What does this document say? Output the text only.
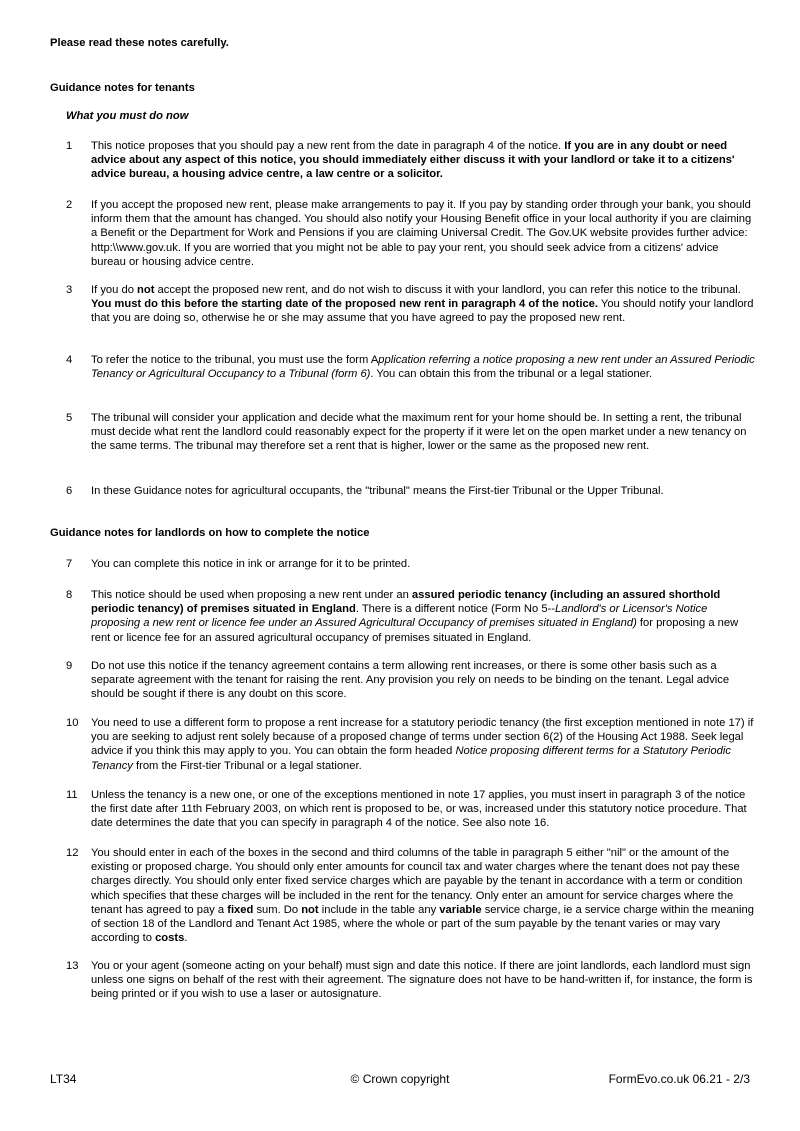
Please read these notes carefully.
Guidance notes for tenants
What you must do now
1 This notice proposes that you should pay a new rent from the date in paragraph 4 of the notice. If you are in any doubt or need advice about any aspect of this notice, you should immediately either discuss it with your landlord or take it to a citizens' advice bureau, a housing advice centre, a law centre or a solicitor.
2 If you accept the proposed new rent, please make arrangements to pay it. If you pay by standing order through your bank, you should inform them that the amount has changed. You should also notify your Housing Benefit office in your local authority if you are claiming a Benefit or the Department for Work and Pensions if you are claiming Universal Credit. The Gov.UK website provides further advice: http:\\www.gov.uk. If you are worried that you might not be able to pay your rent, you should seek advice from a citizens' advice bureau or housing advice centre.
3 If you do not accept the proposed new rent, and do not wish to discuss it with your landlord, you can refer this notice to the tribunal. You must do this before the starting date of the proposed new rent in paragraph 4 of the notice. You should notify your landlord that you are doing so, otherwise he or she may assume that you have agreed to pay the proposed new rent.
4 To refer the notice to the tribunal, you must use the form Application referring a notice proposing a new rent under an Assured Periodic Tenancy or Agricultural Occupancy to a Tribunal (form 6). You can obtain this from the tribunal or a legal stationer.
5 The tribunal will consider your application and decide what the maximum rent for your home should be. In setting a rent, the tribunal must decide what rent the landlord could reasonably expect for the property if it were let on the open market under a new tenancy on the same terms. The tribunal may therefore set a rent that is higher, lower or the same as the proposed new rent.
6 In these Guidance notes for agricultural occupants, the "tribunal" means the First-tier Tribunal or the Upper Tribunal.
Guidance notes for landlords on how to complete the notice
7 You can complete this notice in ink or arrange for it to be printed.
8 This notice should be used when proposing a new rent under an assured periodic tenancy (including an assured shorthold periodic tenancy) of premises situated in England. There is a different notice (Form No 5--Landlord's or Licensor's Notice proposing a new rent or licence fee under an Assured Agricultural Occupancy of premises situated in England) for proposing a new rent or licence fee for an assured agricultural occupancy of premises situated in England.
9 Do not use this notice if the tenancy agreement contains a term allowing rent increases, or there is some other basis such as a separate agreement with the tenant for raising the rent. Any provision you rely on needs to be binding on the tenant. Legal advice should be sought if there is any doubt on this score.
10 You need to use a different form to propose a rent increase for a statutory periodic tenancy (the first exception mentioned in note 17) if you are seeking to adjust rent solely because of a proposed change of terms under section 6(2) of the Housing Act 1988. Seek legal advice if you think this may apply to you. You can obtain the form headed Notice proposing different terms for a Statutory Periodic Tenancy from the First-tier Tribunal or a legal stationer.
11 Unless the tenancy is a new one, or one of the exceptions mentioned in note 17 applies, you must insert in paragraph 3 of the notice the first date after 11th February 2003, on which rent is proposed to be, or was, increased under this statutory notice procedure. That date determines the date that you can specify in paragraph 4 of the notice. See also note 16.
12 You should enter in each of the boxes in the second and third columns of the table in paragraph 5 either "nil" or the amount of the existing or proposed charge. You should only enter amounts for council tax and water charges where the tenant does not pay these charges directly. You should only enter fixed service charges which are payable by the tenant in accordance with a term or condition which specifies that these charges will be included in the rent for the tenancy. Only enter an amount for service charges where the tenant has agreed to pay a fixed sum. Do not include in the table any variable service charge, ie a service charge within the meaning of section 18 of the Landlord and Tenant Act 1985, where the whole or part of the sum payable by the tenant varies or may vary according to costs.
13 You or your agent (someone acting on your behalf) must sign and date this notice. If there are joint landlords, each landlord must sign unless one signs on behalf of the rest with their agreement. The signature does not have to be hand-written if, for instance, the form is being printed or if you wish to use a laser or autosignature.
LT34	© Crown copyright	FormEvo.co.uk 06.21 - 2/3
